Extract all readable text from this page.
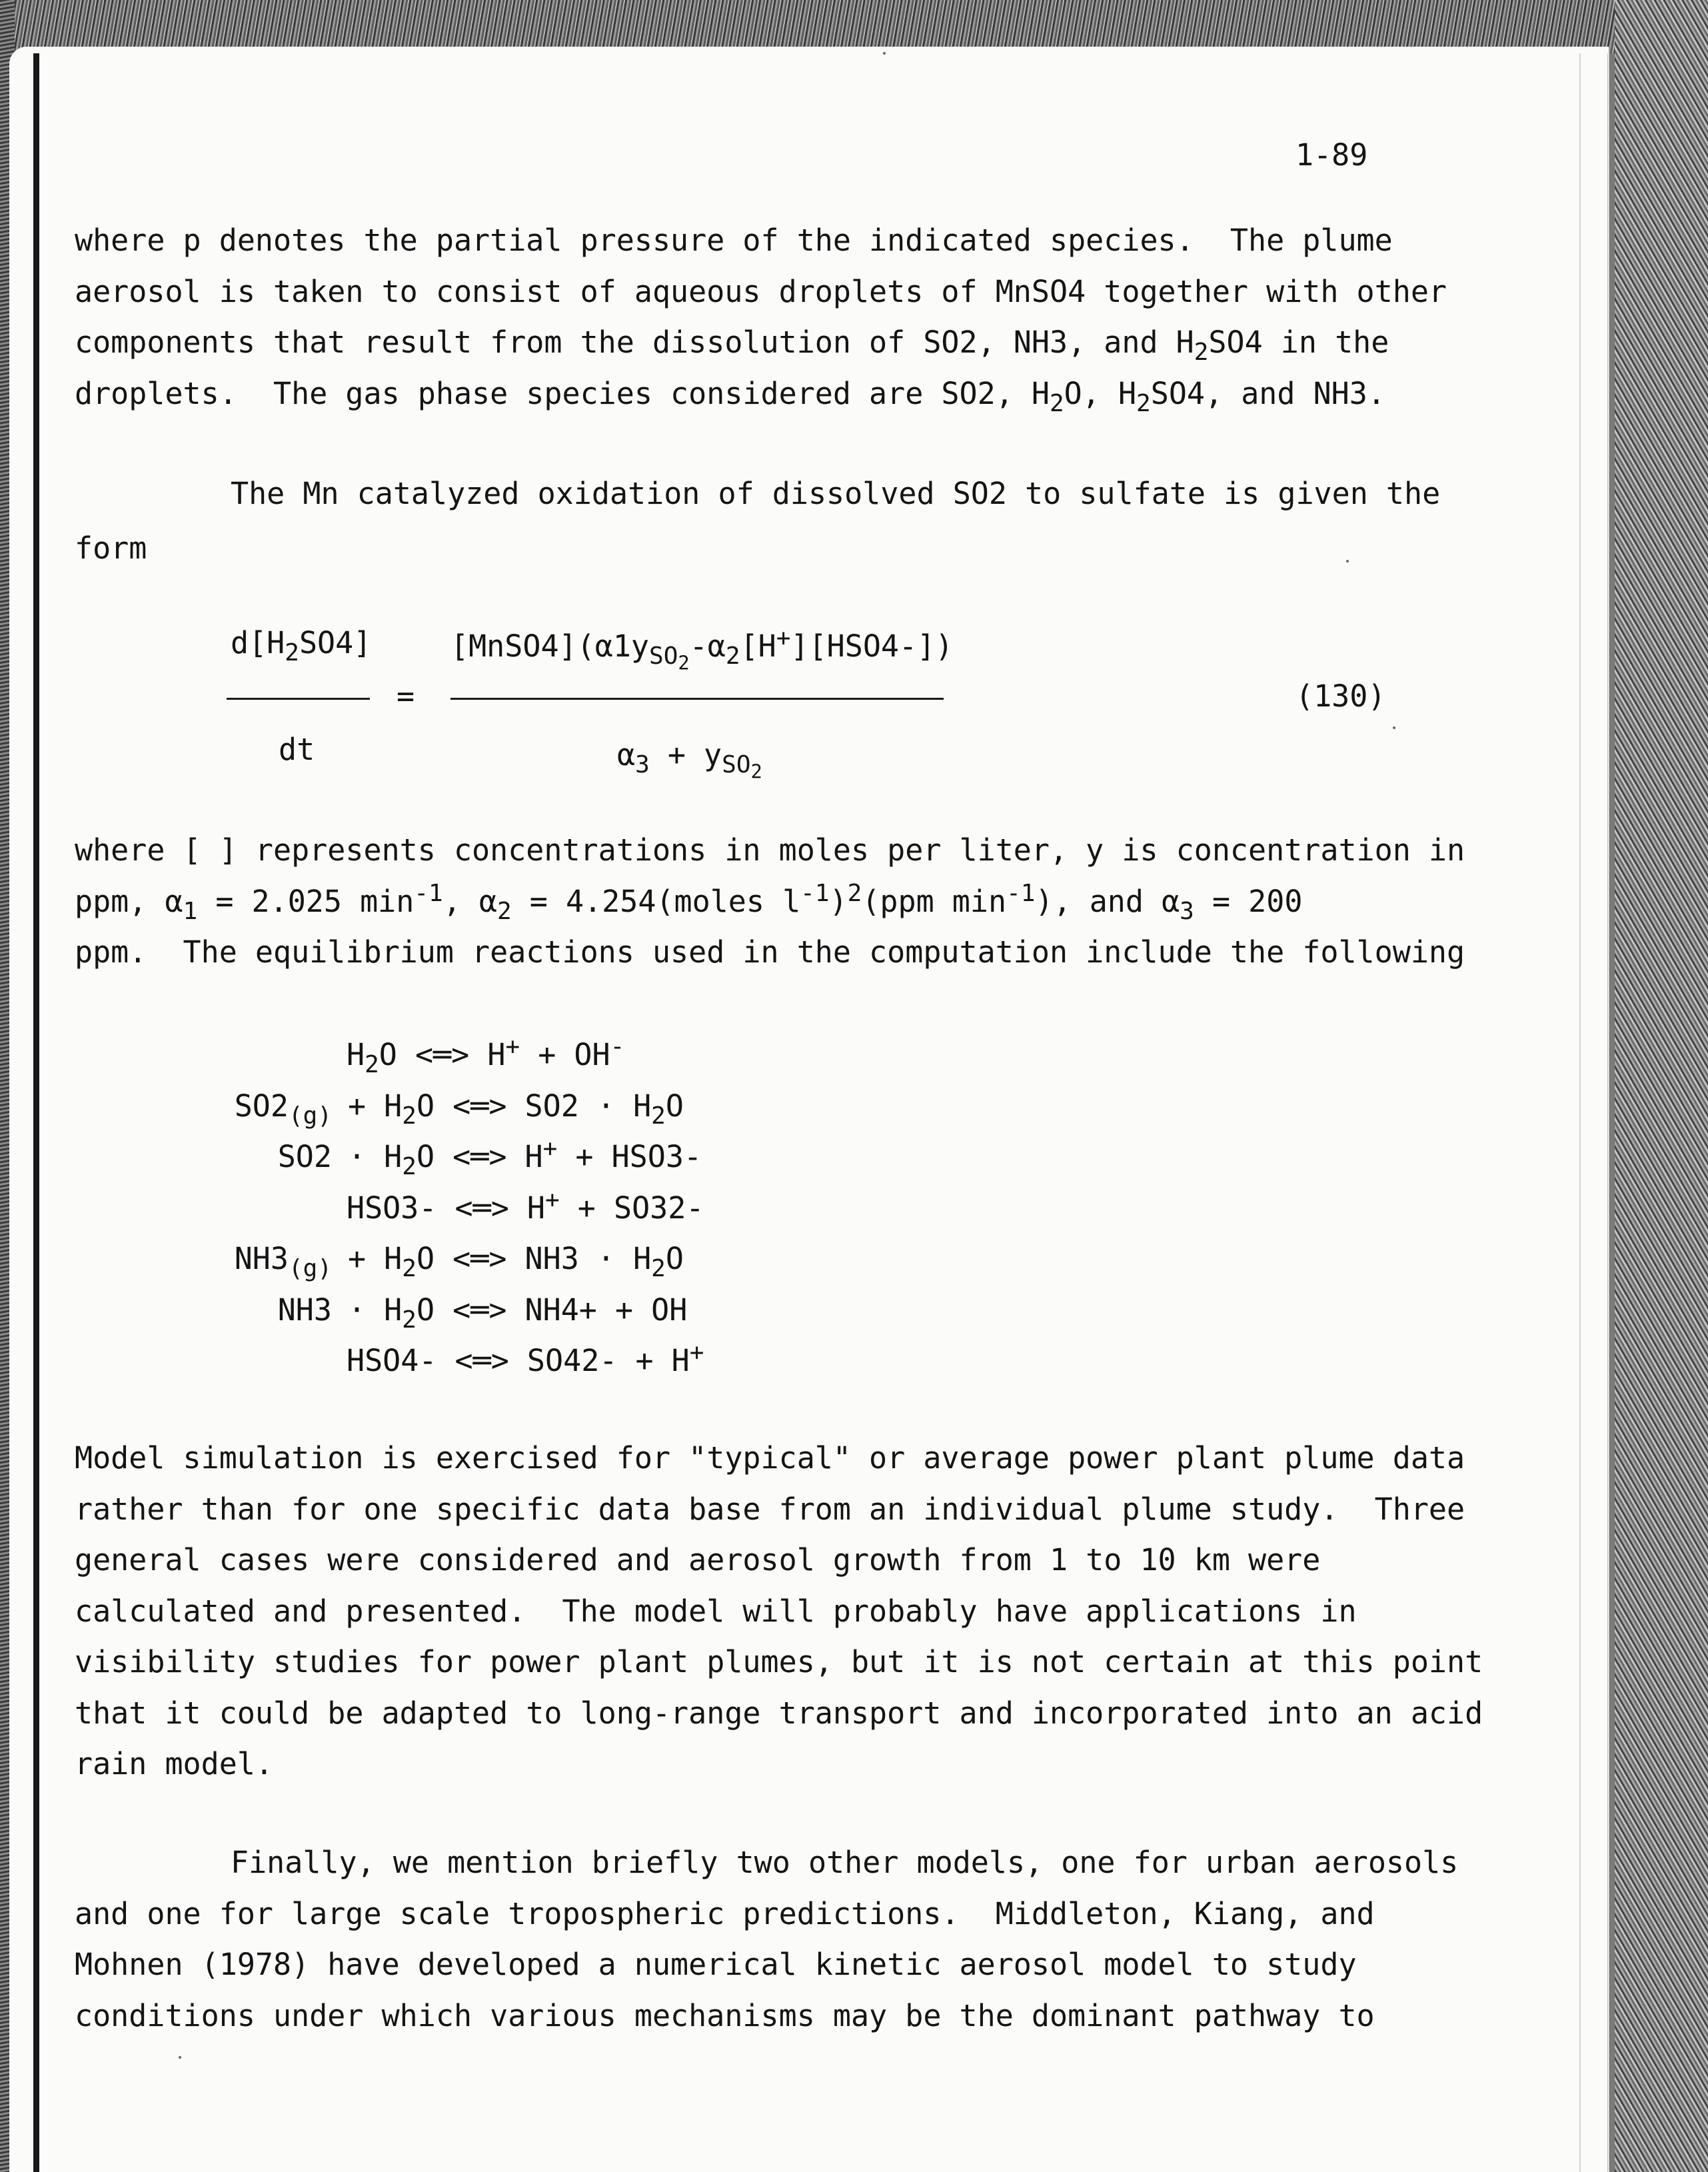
1-89
where p denotes the partial pressure of the indicated species.  The plume
aerosol is taken to consist of aqueous droplets of MnSO4 together with other
components that result from the dissolution of SO2, NH3, and $H_2SO4$ in the
droplets.  The gas phase species considered are SO2, $H_2O$, $H_2SO4$, and NH3.
The Mn catalyzed oxidation of dissolved SO2 to sulfate is given the
form
$d[H_2SO4]$
dt
=
$[MnSO4](\alpha 1y_{SO_2}-\alpha_2[H^+][HSO4-])$
$\alpha_3 + y_{SO_2}$
(130)
where [ ] represents concentrations in moles per liter, y is concentration in
ppm, $\alpha_1 = 2.025$ $\min^{-1}$, $\alpha_2$ = 4.254(moles $l^{-1})^2(ppm$ $\min^{-1}$), and $\alpha_3 = 200$
ppm.  The equilibrium reactions used in the computation include the following
$H_2O$ <═> H+ + OH-
$SO2_{(g)} + H_2O$ <═> $SO2 \cdot H_2O$
$SO2 \cdot H_2O$ <═> H+ + HSO3-
HSO3- <═> H+ + SO32-
$NH3_{(g)} + H_2O$ <═> $NH3 \cdot H_2O$
$NH3 \cdot H_2O$ <═> NH4+ + OH
HSO4- <═> SO42- + H+
Model simulation is exercised for "typical" or average power plant plume data
rather than for one specific data base from an individual plume study.  Three
general cases were considered and aerosol growth from 1 to 10 km were
calculated and presented.  The model will probably have applications in
visibility studies for power plant plumes, but it is not certain at this point
that it could be adapted to long-range transport and incorporated into an acid
rain model.
Finally, we mention briefly two other models, one for urban aerosols
and one for large scale tropospheric predictions.  Middleton, Kiang, and
Mohnen (1978) have developed a numerical kinetic aerosol model to study
conditions under which various mechanisms may be the dominant pathway to
